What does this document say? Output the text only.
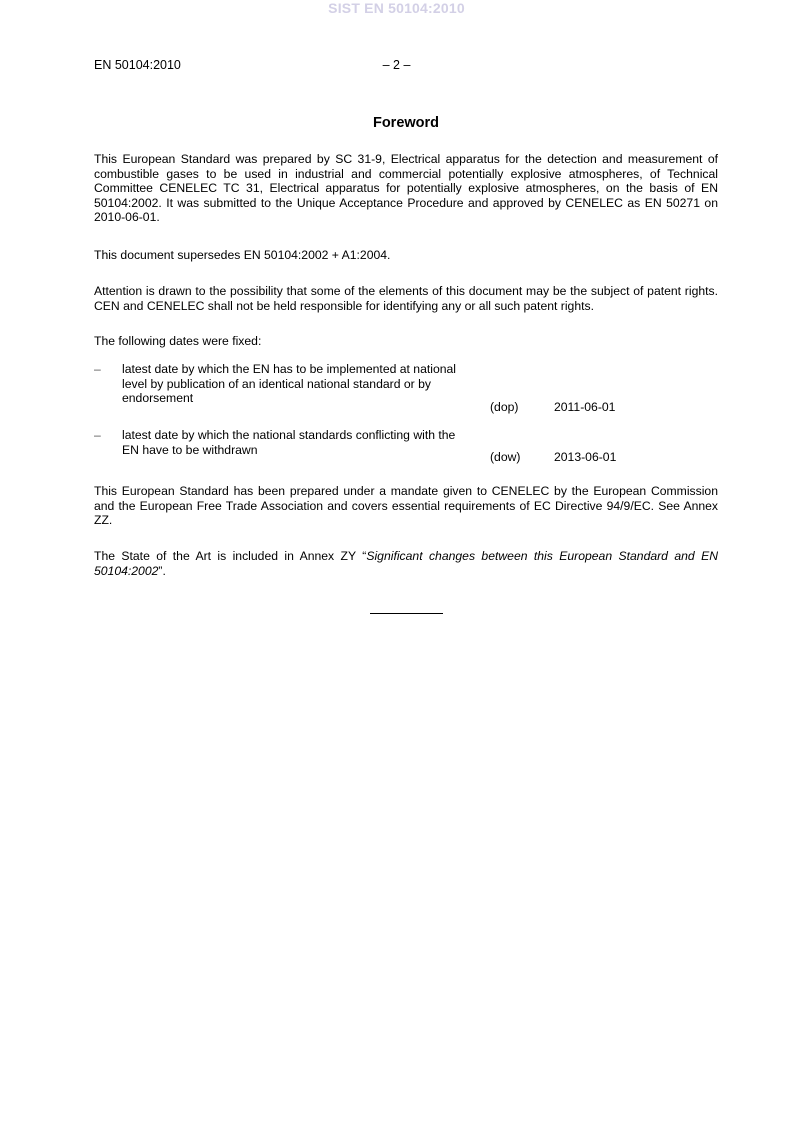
SIST EN 50104:2010
EN 50104:2010	– 2 –
Foreword
This European Standard was prepared by SC 31-9, Electrical apparatus for the detection and measurement of combustible gases to be used in industrial and commercial potentially explosive atmospheres, of Technical Committee CENELEC TC 31, Electrical apparatus for potentially explosive atmospheres, on the basis of EN 50104:2002. It was submitted to the Unique Acceptance Procedure and approved by CENELEC as EN 50271 on 2010-06-01.
This document supersedes EN 50104:2002 + A1:2004.
Attention is drawn to the possibility that some of the elements of this document may be the subject of patent rights. CEN and CENELEC shall not be held responsible for identifying any or all such patent rights.
The following dates were fixed:
– latest date by which the EN has to be implemented at national level by publication of an identical national standard or by endorsement
(dop)	2011-06-01
– latest date by which the national standards conflicting with the EN have to be withdrawn
(dow)	2013-06-01
This European Standard has been prepared under a mandate given to CENELEC by the European Commission and the European Free Trade Association and covers essential requirements of EC Directive 94/9/EC. See Annex ZZ.
The State of the Art is included in Annex ZY “Significant changes between this European Standard and EN 50104:2002”.
